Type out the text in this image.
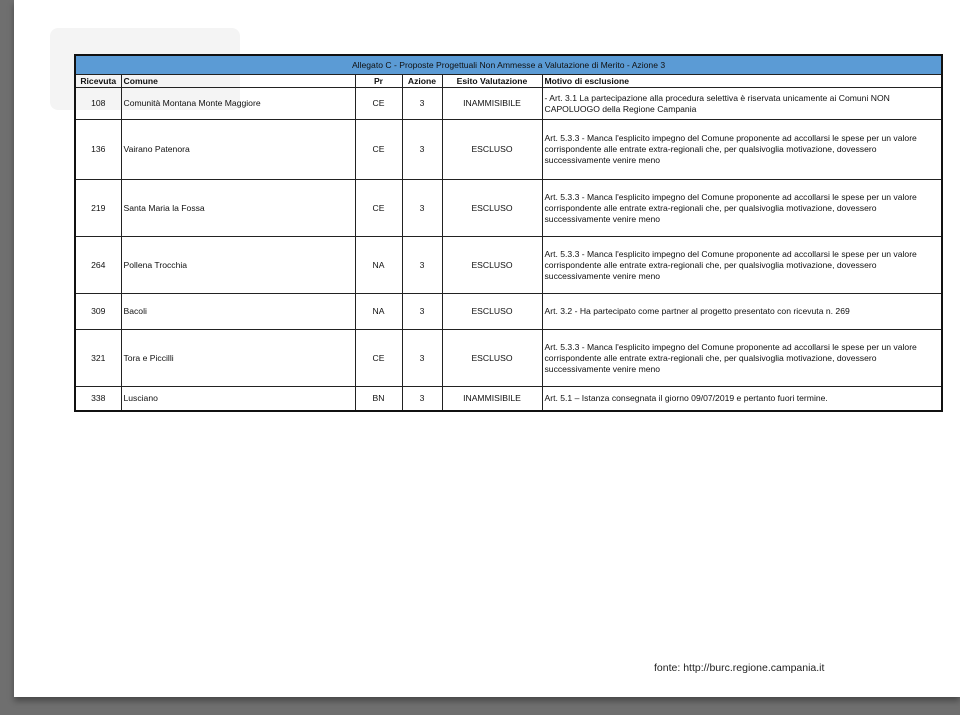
Allegato C - Proposte Progettuali Non Ammesse a Valutazione di Merito - Azione 3					
Ricevuta	Comune	Pr	Azione	Esito Valutazione	Motivo di esclusione
108	Comunità Montana Monte Maggiore	CE	3	INAMMISIBILE	- Art. 3.1 La partecipazione alla procedura selettiva è riservata unicamente ai Comuni NON CAPOLUOGO della Regione Campania
136	Vairano Patenora	CE	3	ESCLUSO	Art. 5.3.3 - Manca l'esplicito impegno del Comune proponente ad accollarsi le spese per un valore corrispondente alle entrate extra-regionali che, per qualsivoglia motivazione, dovessero successivamente venire meno
219	Santa Maria la Fossa	CE	3	ESCLUSO	Art. 5.3.3 - Manca l'esplicito impegno del Comune proponente ad accollarsi le spese per un valore corrispondente alle entrate extra-regionali che, per qualsivoglia motivazione, dovessero successivamente venire meno
264	Pollena Trocchia	NA	3	ESCLUSO	Art. 5.3.3 - Manca l'esplicito impegno del Comune proponente ad accollarsi le spese per un valore corrispondente alle entrate extra-regionali che, per qualsivoglia motivazione, dovessero successivamente venire meno
309	Bacoli	NA	3	ESCLUSO	Art. 3.2 - Ha partecipato come partner al progetto presentato con ricevuta n. 269
321	Tora e Piccilli	CE	3	ESCLUSO	Art. 5.3.3 - Manca l'esplicito impegno del Comune proponente ad accollarsi le spese per un valore corrispondente alle entrate extra-regionali che, per qualsivoglia motivazione, dovessero successivamente venire meno
338	Lusciano	BN	3	INAMMISIBILE	Art. 5.1 – Istanza consegnata il giorno 09/07/2019 e pertanto fuori termine.
fonte: http://burc.regione.campania.it
